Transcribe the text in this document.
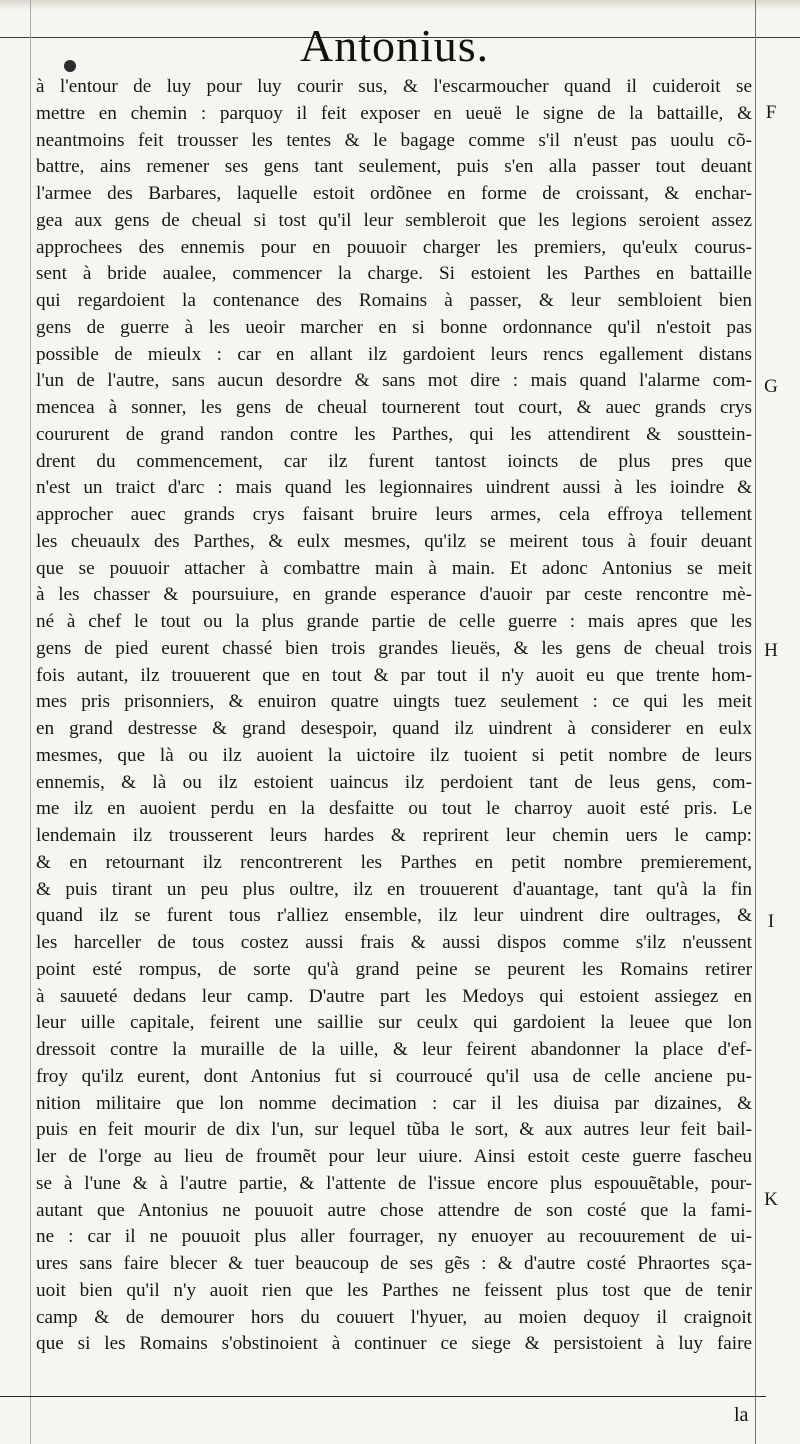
Antonius.
à l'entour de luy pour luy courir sus, & l'escarmoucher quand il cuideroit se
mettre en chemin : parquoy il feit exposer en ueuë le signe de la battaille, &
neantmoins feit trousser les tentes & le bagage comme s'il n'eust pas uoulu cõ-
battre, ains remener ses gens tant seulement, puis s'en alla passer tout deuant
l'armee des Barbares, laquelle estoit ordõnee en forme de croissant, & enchar-
gea aux gens de cheual si tost qu'il leur sembleroit que les legions seroient assez
approchees des ennemis pour en pouuoir charger les premiers, qu'eulx courus-
sent à bride aualee, commencer la charge. Si estoient les Parthes en battaille
qui regardoient la contenance des Romains à passer, & leur sembloient bien
gens de guerre à les ueoir marcher en si bonne ordonnance qu'il n'estoit pas
possible de mieulx : car en allant ilz gardoient leurs rencs egallement distans
l'un de l'autre, sans aucun desordre & sans mot dire : mais quand l'alarme com-
mencea à sonner, les gens de cheual tournerent tout court, & auec grands crys
coururent de grand randon contre les Parthes, qui les attendirent & sousttein-
drent du commencement, car ilz furent tantost ioincts de plus pres que
n'est un traict d'arc : mais quand les legionnaires uindrent aussi à les ioindre &
approcher auec grands crys faisant bruire leurs armes, cela effroya tellement
les cheuaulx des Parthes, & eulx mesmes, qu'ilz se meirent tous à fouir deuant
que se pouuoir attacher à combattre main à main. Et adonc Antonius se meit
à les chasser & poursuiure, en grande esperance d'auoir par ceste rencontre mè-
né à chef le tout ou la plus grande partie de celle guerre : mais apres que les
gens de pied eurent chassé bien trois grandes lieuës, & les gens de cheual trois
fois autant, ilz trouuerent que en tout & par tout il n'y auoit eu que trente hom-
mes pris prisonniers, & enuiron quatre uingts tuez seulement : ce qui les meit
en grand destresse & grand desespoir, quand ilz uindrent à considerer en eulx
mesmes, que là ou ilz auoient la uictoire ilz tuoient si petit nombre de leurs
ennemis, & là ou ilz estoient uaincus ilz perdoient tant de leus gens, com-
me ilz en auoient perdu en la desfaitte ou tout le charroy auoit esté pris. Le
lendemain ilz trousserent leurs hardes & reprirent leur chemin uers le camp:
& en retournant ilz rencontrerent les Parthes en petit nombre premierement,
& puis tirant un peu plus oultre, ilz en trouuerent d'auantage, tant qu'à la fin
quand ilz se furent tous r'alliez ensemble, ilz leur uindrent dire oultrages, &
les harceller de tous costez aussi frais & aussi dispos comme s'ilz n'eussent
point esté rompus, de sorte qu'à grand peine se peurent les Romains retirer
à sauueté dedans leur camp. D'autre part les Medoys qui estoient assiegez en
leur uille capitale, feirent une saillie sur ceulx qui gardoient la leuee que lon
dressoit contre la muraille de la uille, & leur feirent abandonner la place d'ef-
froy qu'ilz eurent, dont Antonius fut si courroucé qu'il usa de celle anciene pu-
nition militaire que lon nomme decimation : car il les diuisa par dizaines, &
puis en feit mourir de dix l'un, sur lequel tũba le sort, & aux autres leur feit bail-
ler de l'orge au lieu de froumẽt pour leur uiure. Ainsi estoit ceste guerre fascheu
se à l'une & à l'autre partie, & l'attente de l'issue encore plus espouuẽtable, pour-
autant que Antonius ne pouuoit autre chose attendre de son costé que la fami-
ne : car il ne pouuoit plus aller fourrager, ny enuoyer au recouurement de ui-
ures sans faire blecer & tuer beaucoup de ses gẽs : & d'autre costé Phraortes sça-
uoit bien qu'il n'y auoit rien que les Parthes ne feissent plus tost que de tenir
camp & de demourer hors du couuert l'hyuer, au moien dequoy il craignoit
que si les Romains s'obstinoient à continuer ce siege & persistoient à luy faire
F
G
H
I
K
la
